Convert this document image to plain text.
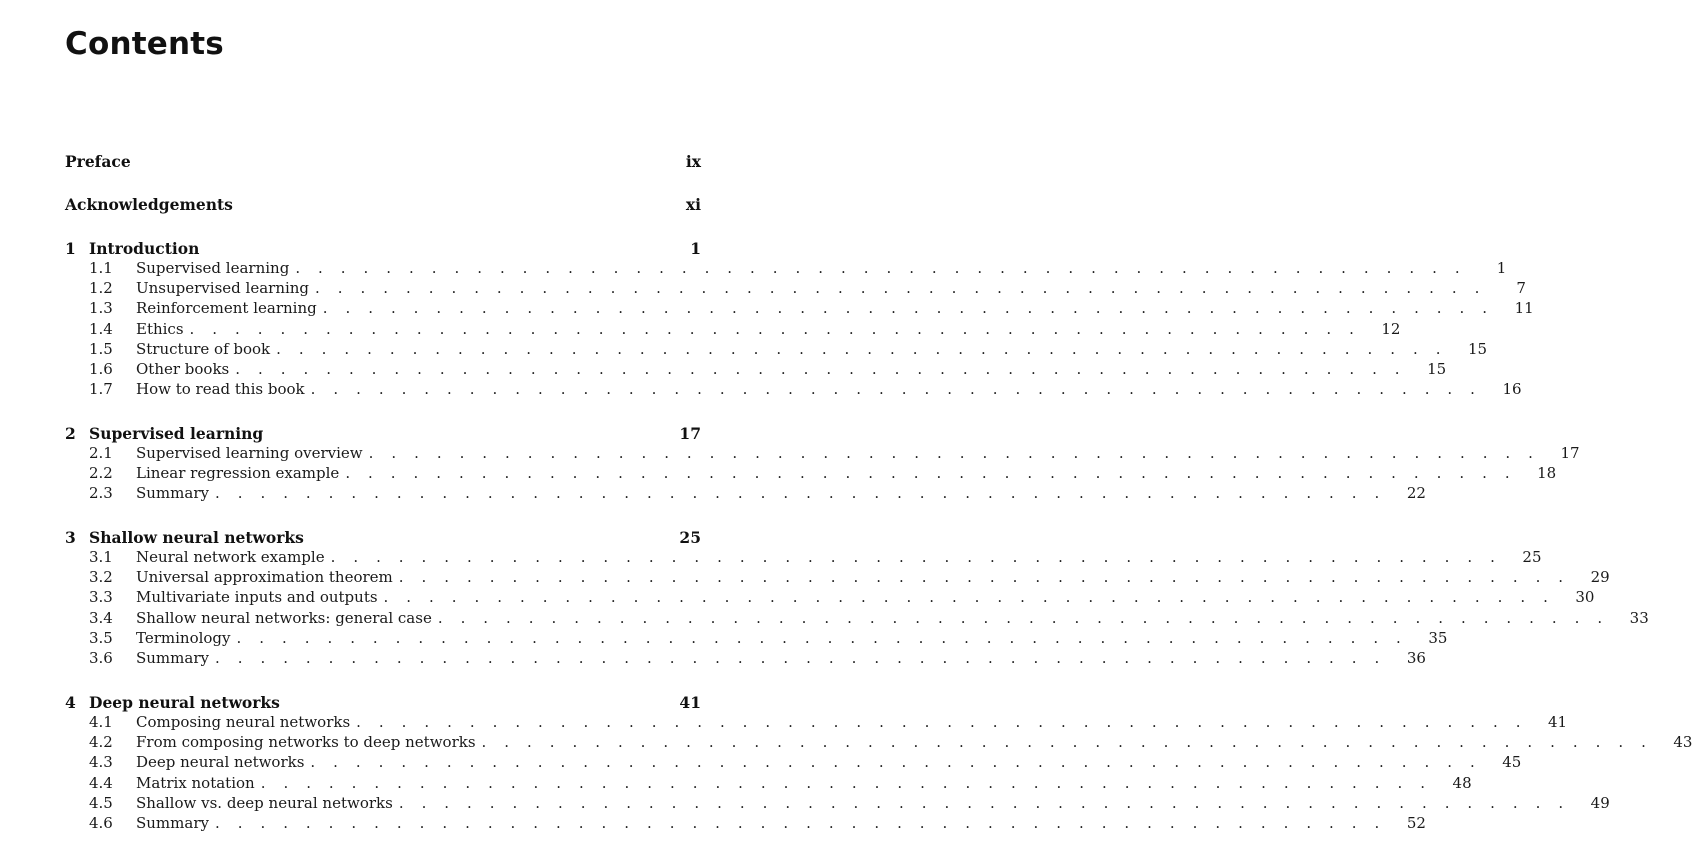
Contents
Preface	ix
Acknowledgements	xi
1 Introduction	1
1.1	Supervised learning . . . . . . . . . . . . . . . . . . . . . . . . . . . . . . . . . . . . . . . . . . . . . . . . . . . .	1
1.2	Unsupervised learning . . . . . . . . . . . . . . . . . . . . . . . . . . . . . . . . . . . . . . . . . . . . . . . . . . . .	7
1.3	Reinforcement learning . . . . . . . . . . . . . . . . . . . . . . . . . . . . . . . . . . . . . . . . . . . . . . . . . . . .	11
1.4	Ethics . . . . . . . . . . . . . . . . . . . . . . . . . . . . . . . . . . . . . . . . . . . . . . . . . . . .	12
1.5	Structure of book . . . . . . . . . . . . . . . . . . . . . . . . . . . . . . . . . . . . . . . . . . . . . . . . . . . .	15
1.6	Other books . . . . . . . . . . . . . . . . . . . . . . . . . . . . . . . . . . . . . . . . . . . . . . . . . . . .	15
1.7	How to read this book . . . . . . . . . . . . . . . . . . . . . . . . . . . . . . . . . . . . . . . . . . . . . . . . . . . .	16
2 Supervised learning	17
2.1	Supervised learning overview . . . . . . . . . . . . . . . . . . . . . . . . . . . . . . . . . . . . . . . . . . . . . . . . . . . .	17
2.2	Linear regression example . . . . . . . . . . . . . . . . . . . . . . . . . . . . . . . . . . . . . . . . . . . . . . . . . . . .	18
2.3	Summary . . . . . . . . . . . . . . . . . . . . . . . . . . . . . . . . . . . . . . . . . . . . . . . . . . . .	22
3 Shallow neural networks	25
3.1	Neural network example . . . . . . . . . . . . . . . . . . . . . . . . . . . . . . . . . . . . . . . . . . . . . . . . . . . .	25
3.2	Universal approximation theorem . . . . . . . . . . . . . . . . . . . . . . . . . . . . . . . . . . . . . . . . . . . . . . . . . . . .	29
3.3	Multivariate inputs and outputs . . . . . . . . . . . . . . . . . . . . . . . . . . . . . . . . . . . . . . . . . . . . . . . . . . . .	30
3.4	Shallow neural networks: general case . . . . . . . . . . . . . . . . . . . . . . . . . . . . . . . . . . . . . . . . . . . . . . . . . . . .	33
3.5	Terminology . . . . . . . . . . . . . . . . . . . . . . . . . . . . . . . . . . . . . . . . . . . . . . . . . . . .	35
3.6	Summary . . . . . . . . . . . . . . . . . . . . . . . . . . . . . . . . . . . . . . . . . . . . . . . . . . . .	36
4 Deep neural networks	41
4.1	Composing neural networks . . . . . . . . . . . . . . . . . . . . . . . . . . . . . . . . . . . . . . . . . . . . . . . . . . . .	41
4.2	From composing networks to deep networks . . . . . . . . . . . . . . . . . . . . . . . . . . . . . . . . . . . . . . . . . . . . . . . . . . . .	43
4.3	Deep neural networks . . . . . . . . . . . . . . . . . . . . . . . . . . . . . . . . . . . . . . . . . . . . . . . . . . . .	45
4.4	Matrix notation . . . . . . . . . . . . . . . . . . . . . . . . . . . . . . . . . . . . . . . . . . . . . . . . . . . .	48
4.5	Shallow vs. deep neural networks . . . . . . . . . . . . . . . . . . . . . . . . . . . . . . . . . . . . . . . . . . . . . . . . . . . .	49
4.6	Summary . . . . . . . . . . . . . . . . . . . . . . . . . . . . . . . . . . . . . . . . . . . . . . . . . . . .	52
